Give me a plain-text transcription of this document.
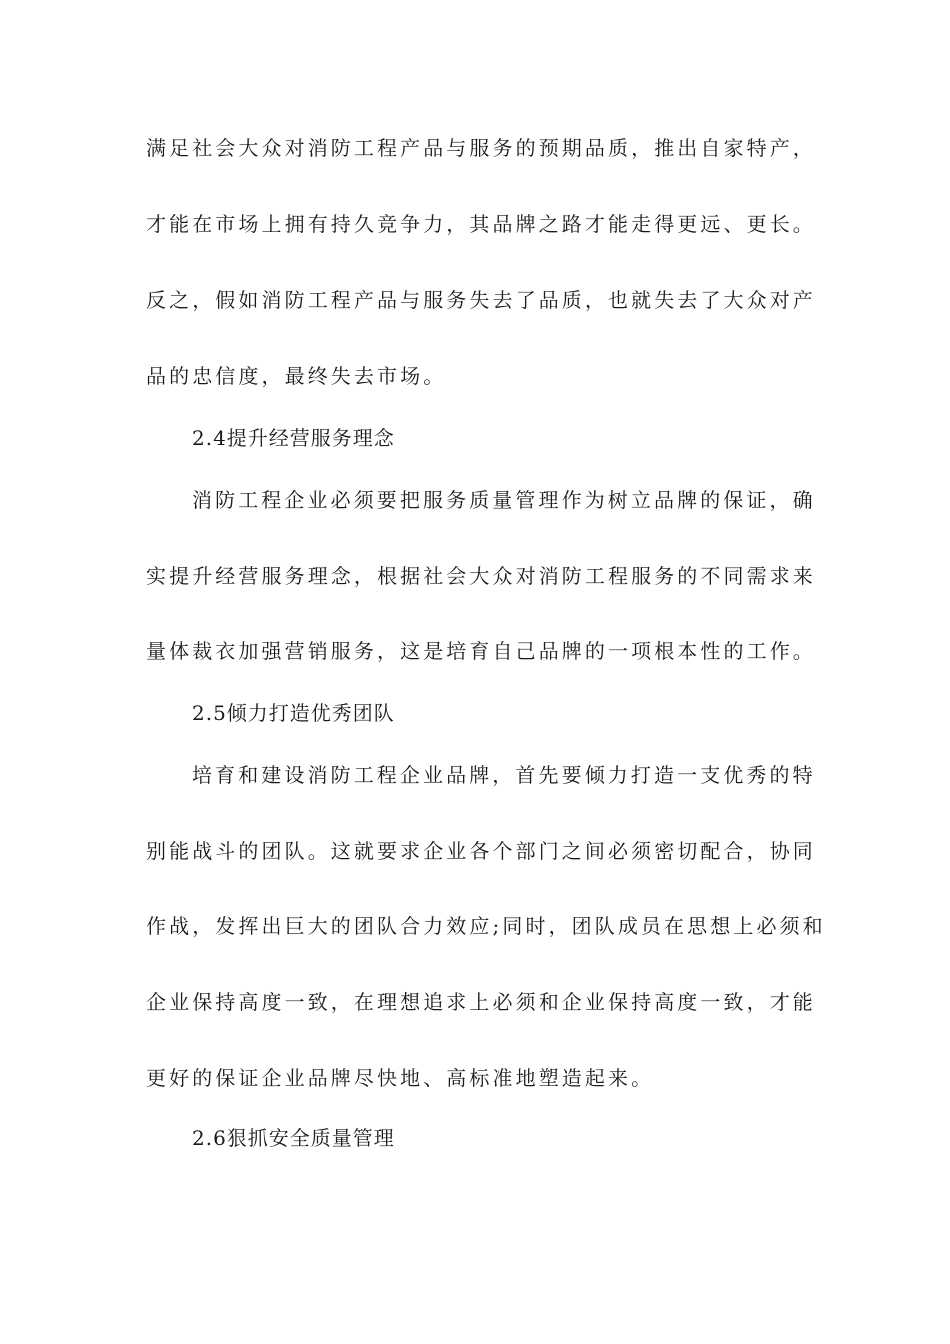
满足社会大众对消防工程产品与服务的预期品质，推出自家特产，
才能在市场上拥有持久竞争力，其品牌之路才能走得更远、更长。
反之，假如消防工程产品与服务失去了品质，也就失去了大众对产
品的忠信度，最终失去市场。
2.4提升经营服务理念
消防工程企业必须要把服务质量管理作为树立品牌的保证，确
实提升经营服务理念，根据社会大众对消防工程服务的不同需求来
量体裁衣加强营销服务，这是培育自己品牌的一项根本性的工作。
2.5倾力打造优秀团队
培育和建设消防工程企业品牌，首先要倾力打造一支优秀的特
别能战斗的团队。这就要求企业各个部门之间必须密切配合，协同
作战，发挥出巨大的团队合力效应;同时，团队成员在思想上必须和
企业保持高度一致，在理想追求上必须和企业保持高度一致，才能
更好的保证企业品牌尽快地、高标准地塑造起来。
2.6狠抓安全质量管理
